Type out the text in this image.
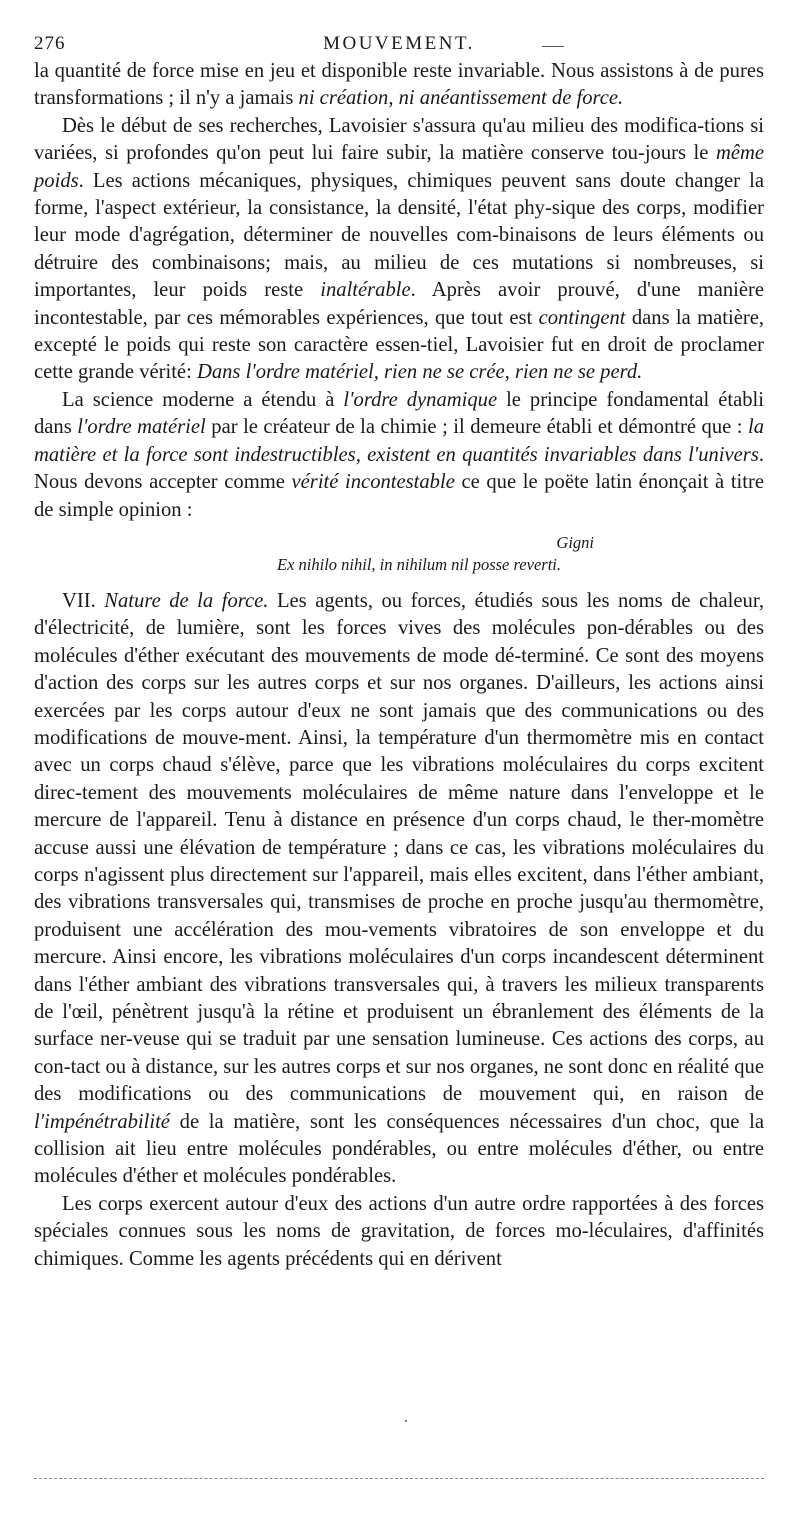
276	MOUVEMENT.

la quantité de force mise en jeu et disponible reste invariable. Nous assistons à de pures transformations ; il n'y a jamais ni création, ni anéantissement de force.

Dès le début de ses recherches, Lavoisier s'assura qu'au milieu des modifica-tions si variées, si profondes qu'on peut lui faire subir, la matière conserve tou-jours le même poids. Les actions mécaniques, physiques, chimiques peuvent sans doute changer la forme, l'aspect extérieur, la consistance, la densité, l'état phy-sique des corps, modifier leur mode d'agrégation, déterminer de nouvelles com-binaisons de leurs éléments ou détruire des combinaisons; mais, au milieu de ces mutations si nombreuses, si importantes, leur poids reste inaltérable. Après avoir prouvé, d'une manière incontestable, par ces mémorables expériences, que tout est contingent dans la matière, excepté le poids qui reste son caractère essen-tiel, Lavoisier fut en droit de proclamer cette grande vérité: Dans l'ordre matériel, rien ne se crée, rien ne se perd.

La science moderne a étendu à l'ordre dynamique le principe fondamental établi dans l'ordre matériel par le créateur de la chimie ; il demeure établi et démontré que : la matière et la force sont indestructibles, existent en quantités invariables dans l'univers. Nous devons accepter comme vérité incontestable ce que le poëte latin énonçait à titre de simple opinion :

Gigni
Ex nihilo nihil, in nihilum nil posse reverti.

VII. Nature de la force. Les agents, ou forces, étudiés sous les noms de chaleur, d'électricité, de lumière, sont les forces vives des molécules pon-dérables ou des molécules d'éther exécutant des mouvements de mode dé-terminé. Ce sont des moyens d'action des corps sur les autres corps et sur nos organes. D'ailleurs, les actions ainsi exercées par les corps autour d'eux ne sont jamais que des communications ou des modifications de mouve-ment. Ainsi, la température d'un thermomètre mis en contact avec un corps chaud s'élève, parce que les vibrations moléculaires du corps excitent direc-tement des mouvements moléculaires de même nature dans l'enveloppe et le mercure de l'appareil. Tenu à distance en présence d'un corps chaud, le ther-momètre accuse aussi une élévation de température ; dans ce cas, les vibrations moléculaires du corps n'agissent plus directement sur l'appareil, mais elles excitent, dans l'éther ambiant, des vibrations transversales qui, transmises de proche en proche jusqu'au thermomètre, produisent une accélération des mou-vements vibratoires de son enveloppe et du mercure. Ainsi encore, les vibrations moléculaires d'un corps incandescent déterminent dans l'éther ambiant des vibrations transversales qui, à travers les milieux transparents de l'œil, pénètrent jusqu'à la rétine et produisent un ébranlement des éléments de la surface ner-veuse qui se traduit par une sensation lumineuse. Ces actions des corps, au con-tact ou à distance, sur les autres corps et sur nos organes, ne sont donc en réalité que des modifications ou des communications de mouvement qui, en raison de l'impénétrabilité de la matière, sont les conséquences nécessaires d'un choc, que la collision ait lieu entre molécules pondérables, ou entre molécules d'éther, ou entre molécules d'éther et molécules pondérables.

Les corps exercent autour d'eux des actions d'un autre ordre rapportées à des forces spéciales connues sous les noms de gravitation, de forces mo-léculaires, d'affinités chimiques. Comme les agents précédents qui en dérivent
